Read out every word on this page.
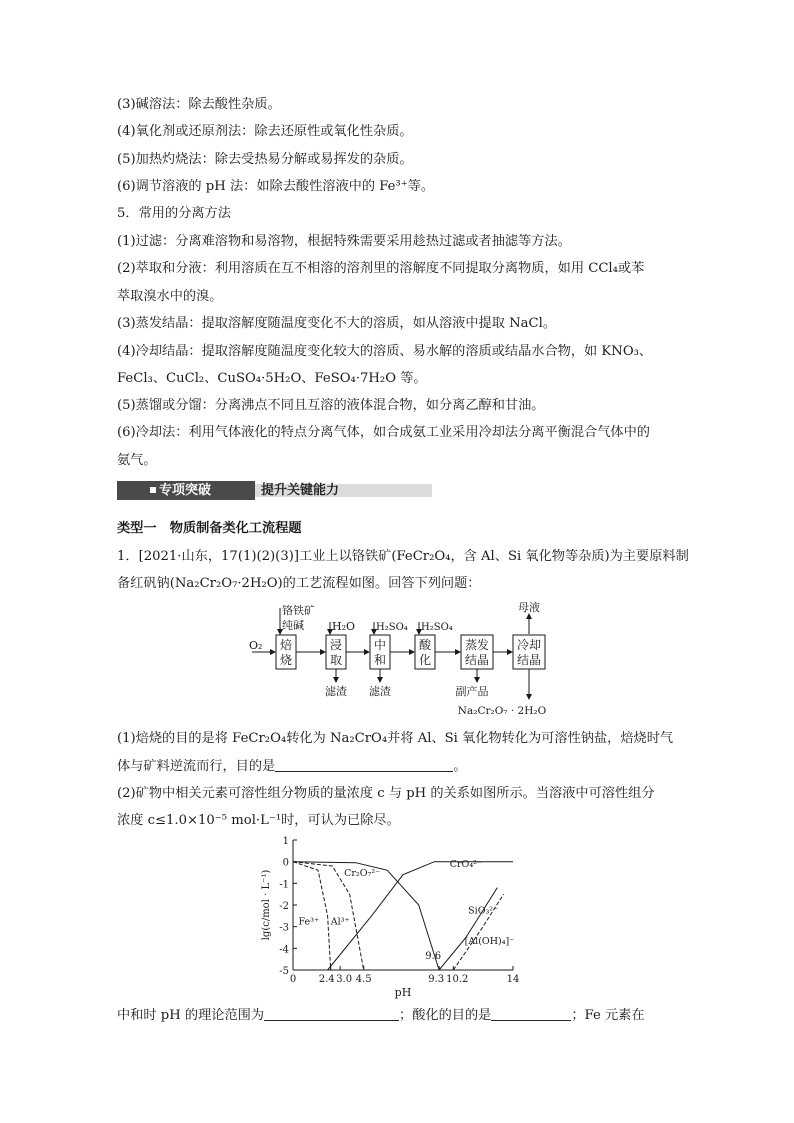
(3)碱溶法：除去酸性杂质。
(4)氧化剂或还原剂法：除去还原性或氧化性杂质。
(5)加热灼烧法：除去受热易分解或易挥发的杂质。
(6)调节溶液的 pH 法：如除去酸性溶液中的 Fe³⁺等。
5．常用的分离方法
(1)过滤：分离难溶物和易溶物，根据特殊需要采用趁热过滤或者抽滤等方法。
(2)萃取和分液：利用溶质在互不相溶的溶剂里的溶解度不同提取分离物质，如用 CCl₄或苯
萃取溴水中的溴。
(3)蒸发结晶：提取溶解度随温度变化不大的溶质，如从溶液中提取 NaCl。
(4)冷却结晶：提取溶解度随温度变化较大的溶质、易水解的溶质或结晶水合物，如 KNO₃、
FeCl₃、CuCl₂、CuSO₄·5H₂O、FeSO₄·7H₂O 等。
(5)蒸馏或分馏：分离沸点不同且互溶的液体混合物，如分离乙醇和甘油。
(6)冷却法：利用气体液化的特点分离气体，如合成氨工业采用冷却法分离平衡混合气体中的
氨气。
专项突破	提升关键能力
类型一　物质制备类化工流程题
1．[2021·山东，17(1)(2)(3)]工业上以铬铁矿(FeCr₂O₄，含 Al、Si 氧化物等杂质)为主要原料制
备红矾钠(Na₂Cr₂O₇·2H₂O)的工艺流程如图。回答下列问题：
焙
烧
浸
取
中
和
酸
化
蒸发
结晶
冷却
结晶
O₂
铬铁矿
纯碱	H₂O H₂SO₄ H₂SO₄
滤渣 滤渣	副产品
母液
Na₂Cr₂O₇ · 2H₂O
(1)焙烧的目的是将 FeCr₂O₄转化为 Na₂CrO₄并将 Al、Si 氧化物转化为可溶性钠盐，焙烧时气
体与矿料逆流而行，目的是	。
(2)矿物中相关元素可溶性组分物质的量浓度 c 与 pH 的关系如图所示。当溶液中可溶性组分
浓度 c≤1.0×10⁻⁵ mol·L⁻¹时，可认为已除尽。
1
0
-1
-2
-3
-4
-5
0 2.4 3.0 4.5	9.3 10.2	14
pH
lg(c/mol · L⁻¹)	Fe³⁺ Al³⁺
Cr₂O₇²⁻
CrO₄²⁻
SiO₃²⁻
[Al(OH)₄]⁻
9.6
中和时 pH 的理论范围为	；酸化的目的是	；Fe 元素在
